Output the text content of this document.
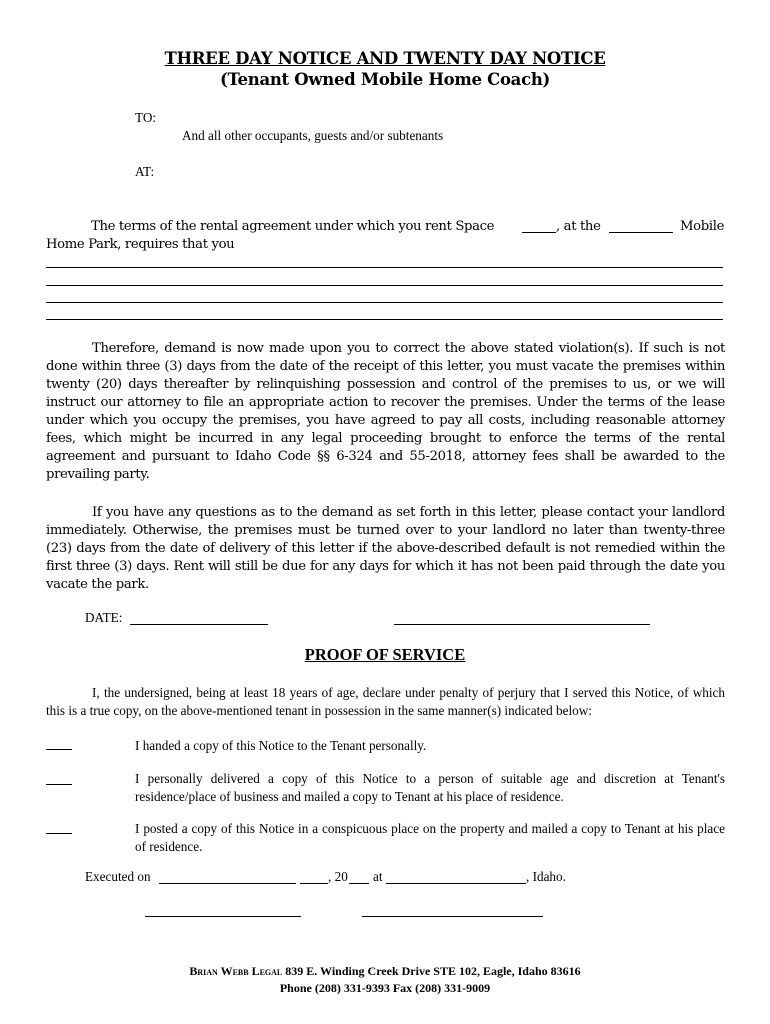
THREE DAY NOTICE AND TWENTY DAY NOTICE
(Tenant Owned Mobile Home Coach)
TO:
And all other occupants, guests and/or subtenants
AT:
The terms of the rental agreement under which you rent Space	, at the	Mobile
Home Park, requires that you
Therefore, demand is now made upon you to correct the above stated violation(s). If such is not done within three (3) days from the date of the receipt of this letter, you must vacate the premises within twenty (20) days thereafter by relinquishing possession and control of the premises to us, or we will instruct our attorney to file an appropriate action to recover the premises. Under the terms of the lease under which you occupy the premises, you have agreed to pay all costs, including reasonable attorney fees, which might be incurred in any legal proceeding brought to enforce the terms of the rental agreement and pursuant to Idaho Code §§ 6-324 and 55-2018, attorney fees shall be awarded to the prevailing party.
If you have any questions as to the demand as set forth in this letter, please contact your landlord immediately. Otherwise, the premises must be turned over to your landlord no later than twenty-three (23) days from the date of delivery of this letter if the above-described default is not remedied within the first three (3) days. Rent will still be due for any days for which it has not been paid through the date you vacate the park.
DATE:
PROOF OF SERVICE
I, the undersigned, being at least 18 years of age, declare under penalty of perjury that I served this Notice, of which this is a true copy, on the above-mentioned tenant in possession in the same manner(s) indicated below:
I handed a copy of this Notice to the Tenant personally.
I personally delivered a copy of this Notice to a person of suitable age and discretion at Tenant's residence/place of business and mailed a copy to Tenant at his place of residence.
I posted a copy of this Notice in a conspicuous place on the property and mailed a copy to Tenant at his place of residence.
Executed on	, 20 at	, Idaho.
Brian Webb Legal 839 E. Winding Creek Drive STE 102, Eagle, Idaho 83616
Phone (208) 331-9393 Fax (208) 331-9009
